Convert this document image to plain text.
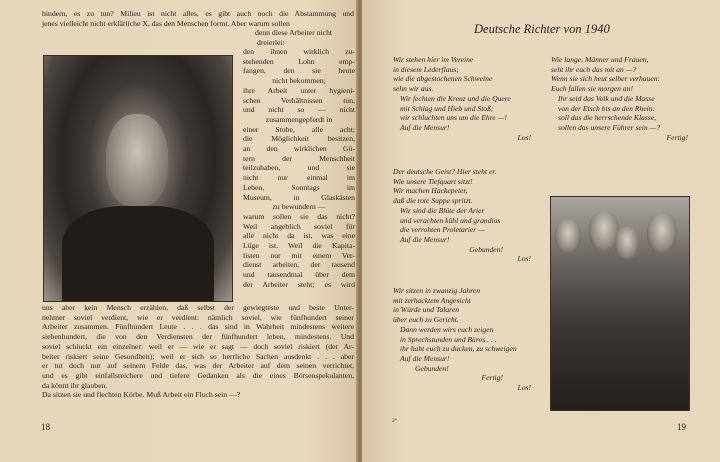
hindern, es zu tun? Milieu ist nicht alles, es gibt auch noch die Abstammung und
jenes vielleicht nicht erklärliche X, das den Menschen formt. Aber warum sollen
denn diese Arbeiter nicht
dreierlei:
den ihnen wirklich zu-
stehenden Lohn emp-
fangen, den sie heute
nicht bekommen;
ihre Arbeit unter hygieni-
schen Verhältnissen tun,
und nicht so — nicht
zusammengepferdt in
einer Stube, alle acht;
die Möglichkeit besitzen,
an den wirklichen Gü-
tern der Menschheit
teilzuhaben, und sie
nicht nur einmal im
Leben, Sonntags im
Museum, in Glaskästen
zu bewundern —
warum sollen sie das nicht?
Weil angeblich soviel für
alle nicht da ist, was eine
Lüge ist. Weil die Kapita-
listen nur mit einem Ver-
dienst arbeiten, der tausend
und tausendmal über dem
der Arbeiter steht; es wird
uns aber kein Mensch erzählen, daß selbst der gewiegteste und beste Unter-
nehmer soviel verdient, wie er verdient: nämlich soviel, wie fünfhundert seiner
Arbeiter zusammen. Fünfhundert Leute . . . das sind in Wahrheit mindestens weitere
siebenhundert, die von den Verdiensten der fünfhundert leben, mindestens. Und
soviel schluckt ein einzelner: weil er — wie er sagt — doch soviel riskiert (der Ar-
beiter riskiert seine Gesundheit); weil er sich so herrliche Sachen ausdenkt . . . aber
er tut doch nur auf seinem Felde das, was der Arbeiter auf dem seinen verrichtet,
und es gibt einfallsreichere und tiefere Gedanken als die eines Börsenspekulanten,
da könnt ihr glauben.
Da sitzen sie und flechten Körbe. Muß Arbeit ein Fluch sein —?
18
Deutsche Richter von 1940
Wir stehen hier im Vereine
in diesem Lederflaus;
wie die abgestochenen Schweine
sehn wir aus.
Wir fechten die Kreuz und die Quere
mit Schlag und Hieb und Stoß;
wir schluchten uns um die Ehre —!
Auf die Mensur!
Los!
Wie lange, Männer und Frauen,
seht ihr euch das mit an —?
Wenn sie sich heut selber verhauen:
Euch fallen sie morgen an!
Ihr seid das Volk und die Masse
von der Etsch bis an den Rhein:
soll das die herrschende Klasse,
sollen das unsere Führer sein —?
Fertig!
Der deutsche Geist? Hier steht er.
Wie unsere Tiefquart sitzt!
Wir machen Hackepeter,
daß die rote Suppe spritzt.
Wir sind die Blüte der Arier
und verachten kühl und grandios
die verrohten Proletarier —
Auf die Mensur!
Gebunden!
Los!
Wir sitzen in zwanzig Jahren
mit zerhacktem Angesicht
in Würde und Talaren
über euch zu Gericht.
Dann werden wirs euch zeigen
in Sprechstunden und Büros . . .
ihr habt euch zu ducken, zu schweigen
Auf die Mensur!
Gebunden!
Fertig!
Los!
2*
19
